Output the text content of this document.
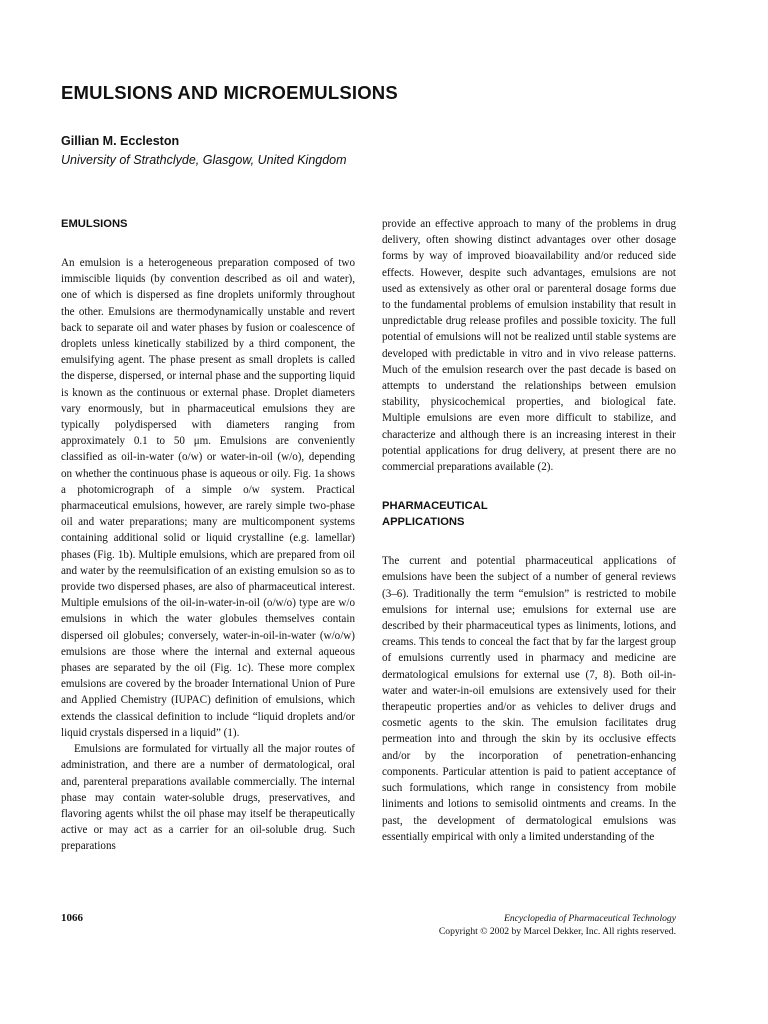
EMULSIONS AND MICROEMULSIONS
Gillian M. Eccleston
University of Strathclyde, Glasgow, United Kingdom
EMULSIONS

An emulsion is a heterogeneous preparation composed of two immiscible liquids (by convention described as oil and water), one of which is dispersed as fine droplets uniformly throughout the other. Emulsions are thermodynamically unstable and revert back to separate oil and water phases by fusion or coalescence of droplets unless kinetically stabilized by a third component, the emulsifying agent. The phase present as small droplets is called the disperse, dispersed, or internal phase and the supporting liquid is known as the continuous or external phase. Droplet diameters vary enormously, but in pharmaceutical emulsions they are typically polydispersed with diameters ranging from approximately 0.1 to 50 μm. Emulsions are conveniently classified as oil-in-water (o/w) or water-in-oil (w/o), depending on whether the continuous phase is aqueous or oily. Fig. 1a shows a photomicrograph of a simple o/w system. Practical pharmaceutical emulsions, however, are rarely simple two-phase oil and water preparations; many are multicomponent systems containing additional solid or liquid crystalline (e.g. lamellar) phases (Fig. 1b). Multiple emulsions, which are prepared from oil and water by the reemulsification of an existing emulsion so as to provide two dispersed phases, are also of pharmaceutical interest. Multiple emulsions of the oil-in-water-in-oil (o/w/o) type are w/o emulsions in which the water globules themselves contain dispersed oil globules; conversely, water-in-oil-in-water (w/o/w) emulsions are those where the internal and external aqueous phases are separated by the oil (Fig. 1c). These more complex emulsions are covered by the broader International Union of Pure and Applied Chemistry (IUPAC) definition of emulsions, which extends the classical definition to include “liquid droplets and/or liquid crystals dispersed in a liquid” (1).

Emulsions are formulated for virtually all the major routes of administration, and there are a number of dermatological, oral and, parenteral preparations available commercially. The internal phase may contain water-soluble drugs, preservatives, and flavoring agents whilst the oil phase may itself be therapeutically active or may act as a carrier for an oil-soluble drug. Such preparations

provide an effective approach to many of the problems in drug delivery, often showing distinct advantages over other dosage forms by way of improved bioavailability and/or reduced side effects. However, despite such advantages, emulsions are not used as extensively as other oral or parenteral dosage forms due to the fundamental problems of emulsion instability that result in unpredictable drug release profiles and possible toxicity. The full potential of emulsions will not be realized until stable systems are developed with predictable in vitro and in vivo release patterns. Much of the emulsion research over the past decade is based on attempts to understand the relationships between emulsion stability, physicochemical properties, and biological fate. Multiple emulsions are even more difficult to stabilize, and characterize and although there is an increasing interest in their potential applications for drug delivery, at present there are no commercial preparations available (2).

PHARMACEUTICAL
APPLICATIONS

The current and potential pharmaceutical applications of emulsions have been the subject of a number of general reviews (3–6). Traditionally the term “emulsion” is restricted to mobile emulsions for internal use; emulsions for external use are described by their pharmaceutical types as liniments, lotions, and creams. This tends to conceal the fact that by far the largest group of emulsions currently used in pharmacy and medicine are dermatological emulsions for external use (7, 8). Both oil-in-water and water-in-oil emulsions are extensively used for their therapeutic properties and/or as vehicles to deliver drugs and cosmetic agents to the skin. The emulsion facilitates drug permeation into and through the skin by its occlusive effects and/or by the incorporation of penetration-enhancing components. Particular attention is paid to patient acceptance of such formulations, which range in consistency from mobile liniments and lotions to semisolid ointments and creams. In the past, the development of dermatological emulsions was essentially empirical with only a limited understanding of the

1066	Encyclopedia of Pharmaceutical Technology
Copyright © 2002 by Marcel Dekker, Inc. All rights reserved.
